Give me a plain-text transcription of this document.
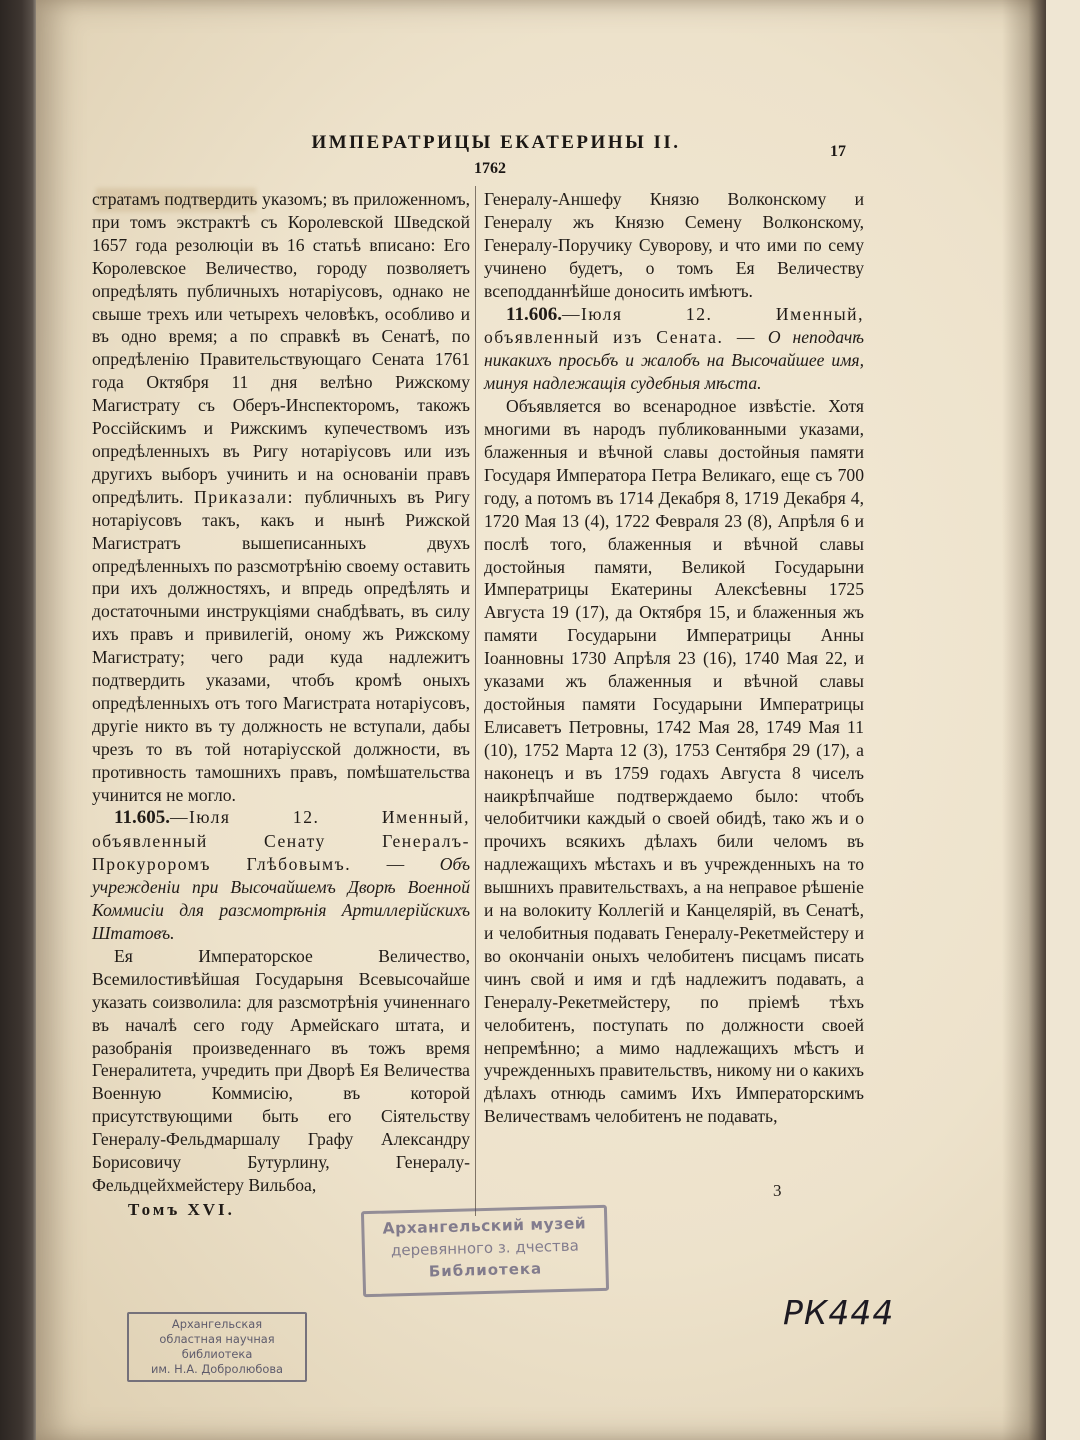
ИМПЕРАТРИЦЫ ЕКАТЕРИНЫ II.	17
1762

стратамъ подтвердить указомъ; въ приложенномъ, при томъ экстрактѣ съ Королевской Шведской 1657 года резолюціи въ 16 статьѣ вписано: Его Королевское Величество, городу позволяетъ опредѣлять публичныхъ нотаріусовъ, однако не свыше трехъ или четырехъ человѣкъ, особливо и въ одно время; а по справкѣ въ Сенатѣ, по опредѣленію Правительствующаго Сената 1761 года Октября 11 дня велѣно Рижскому Магистрату съ Оберъ-Инспекторомъ, такожъ Россійскимъ и Рижскимъ купечествомъ изъ опредѣленныхъ въ Ригу нотаріусовъ или изъ другихъ выборъ учинить и на основаніи правъ опредѣлить. Приказали: публичныхъ въ Ригу нотаріусовъ такъ, какъ и нынѣ Рижской Магистратъ вышеписанныхъ двухъ опредѣленныхъ по разсмотрѣнію своему оставить при ихъ должностяхъ, и впредь опредѣлять и достаточными инструкціями снабдѣвать, въ силу ихъ правъ и привилегій, оному жъ Рижскому Магистрату; чего ради куда надлежитъ подтвердить указами, чтобъ кромѣ оныхъ опредѣленныхъ отъ того Магистрата нотаріусовъ, другіе никто въ ту должность не вступали, дабы чрезъ то въ той нотаріусской должности, въ противность тамошнихъ правъ, помѣшательства учинится не могло.

11.605.—Іюля 12. Именный, объявленный Сенату Генералъ-Прокуроромъ Глѣбовымъ. — Объ учрежденіи при Высочайшемъ Дворѣ Военной Коммисіи для разсмотрѣнія Артиллерійскихъ Штатовъ.

Ея Императорское Величество, Всемилостивѣйшая Государыня Всевысочайше указать соизволила: для разсмотрѣнія учиненнаго въ началѣ сего году Армейскаго штата, и разобранія произведеннаго въ тожъ время Генералитета, учредить при Дворѣ Ея Величества Военную Коммисію, въ которой присутствующими быть его Сіятельству Генералу-Фельдмаршалу Графу Александру Борисовичу Бутурлину, Генералу-Фельдцейхмейстеру Вильбоа,

Генералу-Аншефу Князю Волконскому и Генералу жъ Князю Семену Волконскому, Генералу-Поручику Суворову, и что ими по сему учинено будетъ, о томъ Ея Величеству всеподданнѣйше доносить имѣютъ.

11.606.—Іюля 12. Именный, объявленный изъ Сената. — О неподачѣ никакихъ просьбъ и жалобъ на Высочайшее имя, минуя надлежащія судебныя мѣста.

Объявляется во всенародное извѣстіе. Хотя многими въ народъ публикованными указами, блаженныя и вѣчной славы достойныя памяти Государя Императора Петра Великаго, еще съ 700 году, а потомъ въ 1714 Декабря 8, 1719 Декабря 4, 1720 Мая 13 (4), 1722 Февраля 23 (8), Апрѣля 6 и послѣ того, блаженныя и вѣчной славы достойныя памяти, Великой Государыни Императрицы Екатерины Алексѣевны 1725 Августа 19 (17), да Октября 15, и блаженныя жъ памяти Государыни Императрицы Анны Іоанновны 1730 Апрѣля 23 (16), 1740 Мая 22, и указами жъ блаженныя и вѣчной славы достойныя памяти Государыни Императрицы Елисаветъ Петровны, 1742 Мая 28, 1749 Мая 11 (10), 1752 Марта 12 (3), 1753 Сентября 29 (17), а наконецъ и въ 1759 годахъ Августа 8 чиселъ наикрѣпчайше подтверждаемо было: чтобъ челобитчики каждый о своей обидѣ, тако жъ и о прочихъ всякихъ дѣлахъ били челомъ въ надлежащихъ мѣстахъ и въ учрежденныхъ на то вышнихъ правительствахъ, а на неправое рѣшеніе и на волокиту Коллегій и Канцелярій, въ Сенатѣ, и челобитныя подавать Генералу-Рекетмейстеру и во окончаніи оныхъ челобитенъ писцамъ писать чинъ свой и имя и гдѣ надлежитъ подавать, а Генералу-Рекетмейстеру, по пріемѣ тѣхъ челобитенъ, поступать по должности своей непремѣнно; а мимо надлежащихъ мѣстъ и учрежденныхъ правительствъ, никому ни о какихъ дѣлахъ отнюдь самимъ Ихъ Императорскимъ Величествамъ челобитенъ не подавать,

Томъ XVI.
3
Архангельский музей
деревянного з. дчества
Библиотека
Архангельская
областная научная
библиотека
им. Н.А. Добролюбова
РК444
